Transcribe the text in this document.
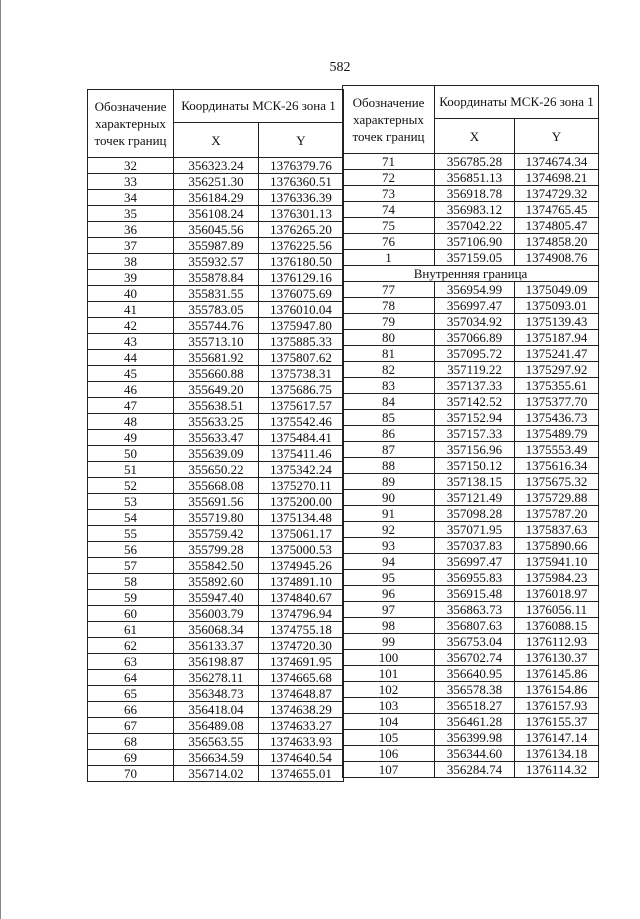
582
Обозначение характерных точек границ	Координаты МСК-26 зона 1	
	X	Y
32	356323.24	1376379.76
33	356251.30	1376360.51
34	356184.29	1376336.39
35	356108.24	1376301.13
36	356045.56	1376265.20
37	355987.89	1376225.56
38	355932.57	1376180.50
39	355878.84	1376129.16
40	355831.55	1376075.69
41	355783.05	1376010.04
42	355744.76	1375947.80
43	355713.10	1375885.33
44	355681.92	1375807.62
45	355660.88	1375738.31
46	355649.20	1375686.75
47	355638.51	1375617.57
48	355633.25	1375542.46
49	355633.47	1375484.41
50	355639.09	1375411.46
51	355650.22	1375342.24
52	355668.08	1375270.11
53	355691.56	1375200.00
54	355719.80	1375134.48
55	355759.42	1375061.17
56	355799.28	1375000.53
57	355842.50	1374945.26
58	355892.60	1374891.10
59	355947.40	1374840.67
60	356003.79	1374796.94
61	356068.34	1374755.18
62	356133.37	1374720.30
63	356198.87	1374691.95
64	356278.11	1374665.68
65	356348.73	1374648.87
66	356418.04	1374638.29
67	356489.08	1374633.27
68	356563.55	1374633.93
69	356634.59	1374640.54
70	356714.02	1374655.01
Обозначение характерных точек границ	Координаты МСК-26 зона 1	
	X	Y
71	356785.28	1374674.34
72	356851.13	1374698.21
73	356918.78	1374729.32
74	356983.12	1374765.45
75	357042.22	1374805.47
76	357106.90	1374858.20
1	357159.05	1374908.76
Внутренняя граница		
77	356954.99	1375049.09
78	356997.47	1375093.01
79	357034.92	1375139.43
80	357066.89	1375187.94
81	357095.72	1375241.47
82	357119.22	1375297.92
83	357137.33	1375355.61
84	357142.52	1375377.70
85	357152.94	1375436.73
86	357157.33	1375489.79
87	357156.96	1375553.49
88	357150.12	1375616.34
89	357138.15	1375675.32
90	357121.49	1375729.88
91	357098.28	1375787.20
92	357071.95	1375837.63
93	357037.83	1375890.66
94	356997.47	1375941.10
95	356955.83	1375984.23
96	356915.48	1376018.97
97	356863.73	1376056.11
98	356807.63	1376088.15
99	356753.04	1376112.93
100	356702.74	1376130.37
101	356640.95	1376145.86
102	356578.38	1376154.86
103	356518.27	1376157.93
104	356461.28	1376155.37
105	356399.98	1376147.14
106	356344.60	1376134.18
107	356284.74	1376114.32
